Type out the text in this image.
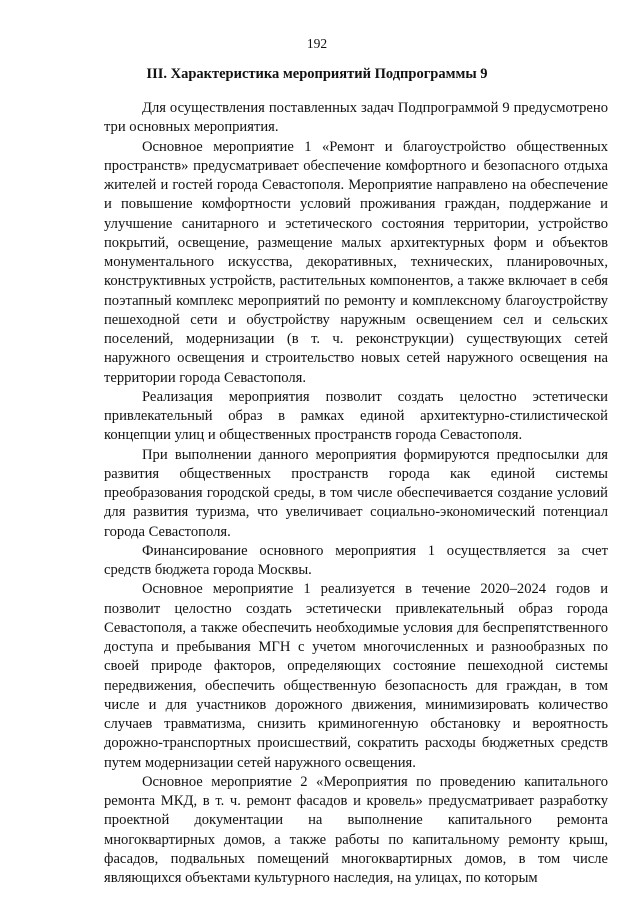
192
III. Характеристика мероприятий Подпрограммы 9

Для осуществления поставленных задач Подпрограммой 9 предусмотрено три основных мероприятия.

Основное мероприятие 1 «Ремонт и благоустройство общественных пространств» предусматривает обеспечение комфортного и безопасного отдыха жителей и гостей города Севастополя. Мероприятие направлено на обеспечение и повышение комфортности условий проживания граждан, поддержание и улучшение санитарного и эстетического состояния территории, устройство покрытий, освещение, размещение малых архитектурных форм и объектов монументального искусства, декоративных, технических, планировочных, конструктивных устройств, растительных компонентов, а также включает в себя поэтапный комплекс мероприятий по ремонту и комплексному благоустройству пешеходной сети и обустройству наружным освещением сел и сельских поселений, модернизации (в т. ч. реконструкции) существующих сетей наружного освещения и строительство новых сетей наружного освещения на территории города Севастополя.

Реализация мероприятия позволит создать целостно эстетически привлекательный образ в рамках единой архитектурно-стилистической концепции улиц и общественных пространств города Севастополя.

При выполнении данного мероприятия формируются предпосылки для развития общественных пространств города как единой системы преобразования городской среды, в том числе обеспечивается создание условий для развития туризма, что увеличивает социально-экономический потенциал города Севастополя.

Финансирование основного мероприятия 1 осуществляется за счет средств бюджета города Москвы.

Основное мероприятие 1 реализуется в течение 2020–2024 годов и позволит целостно создать эстетически привлекательный образ города Севастополя, а также обеспечить необходимые условия для беспрепятственного доступа и пребывания МГН с учетом многочисленных и разнообразных по своей природе факторов, определяющих состояние пешеходной системы передвижения, обеспечить общественную безопасность для граждан, в том числе и для участников дорожного движения, минимизировать количество случаев травматизма, снизить криминогенную обстановку и вероятность дорожно-транспортных происшествий, сократить расходы бюджетных средств путем модернизации сетей наружного освещения.

Основное мероприятие 2 «Мероприятия по проведению капитального ремонта МКД, в т. ч. ремонт фасадов и кровель» предусматривает разработку проектной документации на выполнение капитального ремонта многоквартирных домов, а также работы по капитальному ремонту крыш, фасадов, подвальных помещений многоквартирных домов, в том числе являющихся объектами культурного наследия, на улицах, по которым
